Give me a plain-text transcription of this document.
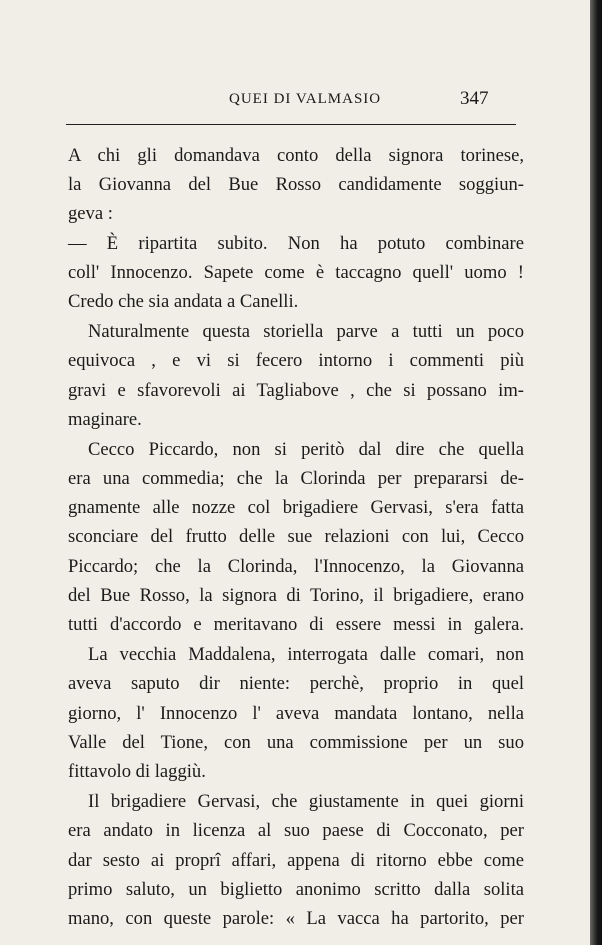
QUEI DI VALMASIO	347
A chi gli domandava conto della signora torinese,
la Giovanna del Bue Rosso candidamente soggiun-
geva :
— È ripartita subito. Non ha potuto combinare
coll' Innocenzo. Sapete come è taccagno quell' uomo !
Credo che sia andata a Canelli.
Naturalmente questa storiella parve a tutti un poco
equivoca , e vi si fecero intorno i commenti più
gravi e sfavorevoli ai Tagliabove , che si possano im-
maginare.
Cecco Piccardo, non si peritò dal dire che quella
era una commedia; che la Clorinda per prepararsi de-
gnamente alle nozze col brigadiere Gervasi, s'era fatta
sconciare del frutto delle sue relazioni con lui, Cecco
Piccardo; che la Clorinda, l'Innocenzo, la Giovanna
del Bue Rosso, la signora di Torino, il brigadiere, erano
tutti d'accordo e meritavano di essere messi in galera.
La vecchia Maddalena, interrogata dalle comari, non
aveva saputo dir niente: perchè, proprio in quel
giorno, l' Innocenzo l' aveva mandata lontano, nella
Valle del Tione, con una commissione per un suo
fittavolo di laggiù.
Il brigadiere Gervasi, che giustamente in quei giorni
era andato in licenza al suo paese di Cocconato, per
dar sesto ai proprî affari, appena di ritorno ebbe come
primo saluto, un biglietto anonimo scritto dalla solita
mano, con queste parole: « La vacca ha partorito, per
